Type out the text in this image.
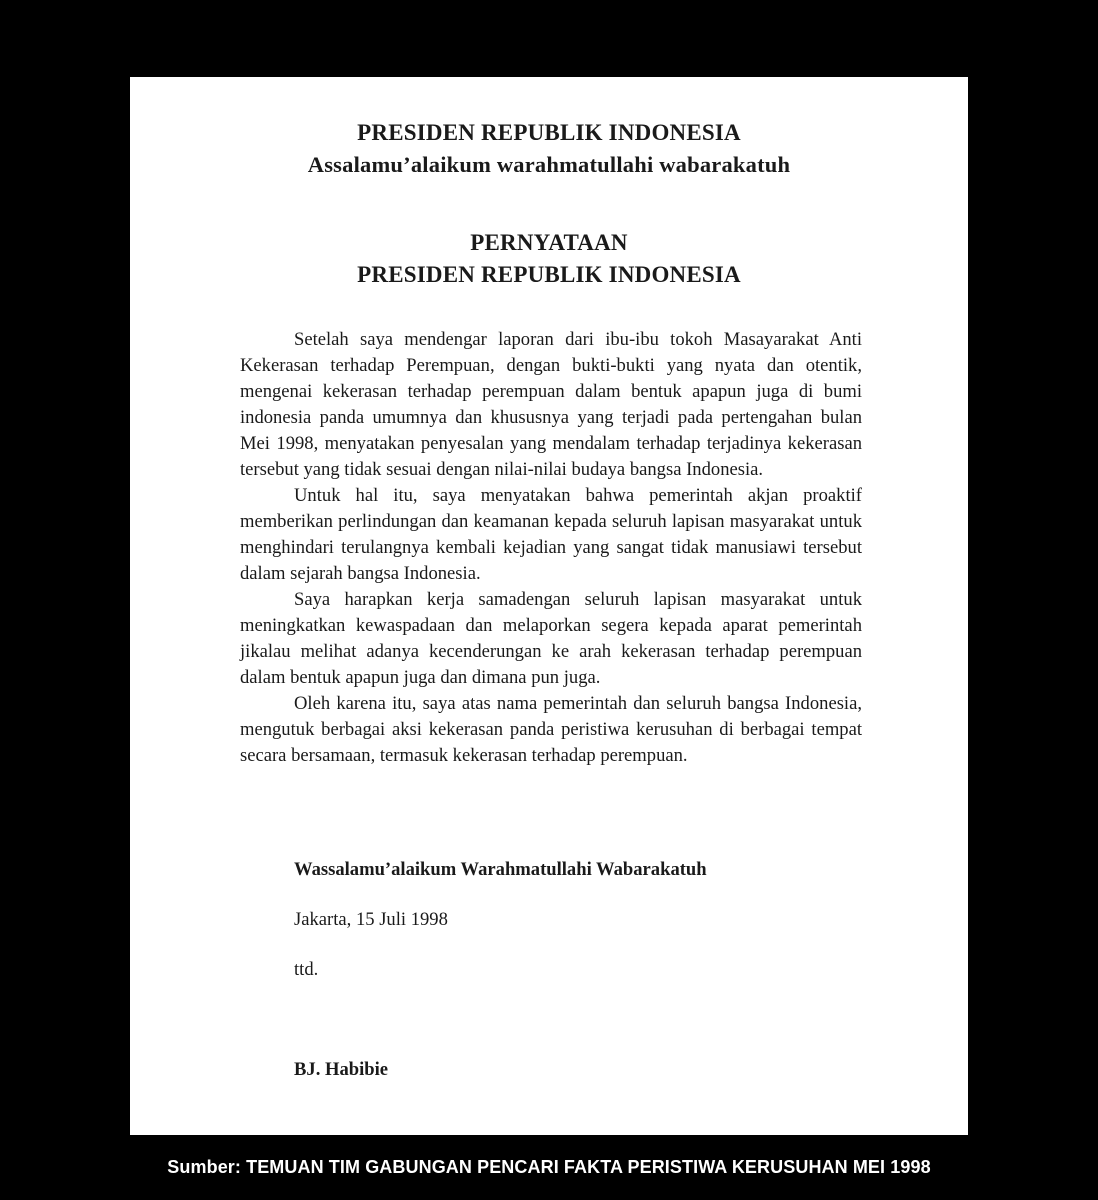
PRESIDEN REPUBLIK INDONESIA
Assalamu’alaikum warahmatullahi wabarakatuh
PERNYATAAN
PRESIDEN REPUBLIK INDONESIA

Setelah saya mendengar laporan dari ibu-ibu tokoh Masayarakat Anti Kekerasan terhadap Perempuan, dengan bukti-bukti yang nyata dan otentik, mengenai kekerasan terhadap perempuan dalam bentuk apapun juga di bumi indonesia panda umumnya dan khususnya yang terjadi pada pertengahan bulan Mei 1998, menyatakan penyesalan yang mendalam terhadap terjadinya kekerasan tersebut yang tidak sesuai dengan nilai-nilai budaya bangsa Indonesia.

Untuk hal itu, saya menyatakan bahwa pemerintah akjan proaktif memberikan perlindungan dan keamanan kepada seluruh lapisan masyarakat untuk menghindari terulangnya kembali kejadian yang sangat tidak manusiawi tersebut dalam sejarah bangsa Indonesia.

Saya harapkan kerja samadengan seluruh lapisan masyarakat untuk meningkatkan kewaspadaan dan melaporkan segera kepada aparat pemerintah jikalau melihat adanya kecenderungan ke arah kekerasan terhadap perempuan dalam bentuk apapun juga dan dimana pun juga.

Oleh karena itu, saya atas nama pemerintah dan seluruh bangsa Indonesia, mengutuk berbagai aksi kekerasan panda peristiwa kerusuhan di berbagai tempat secara bersamaan, termasuk kekerasan terhadap perempuan.

Wassalamu’alaikum Warahmatullahi Wabarakatuh
Jakarta, 15 Juli 1998
ttd.
BJ. Habibie
Sumber: TEMUAN TIM GABUNGAN PENCARI FAKTA PERISTIWA KERUSUHAN MEI 1998
